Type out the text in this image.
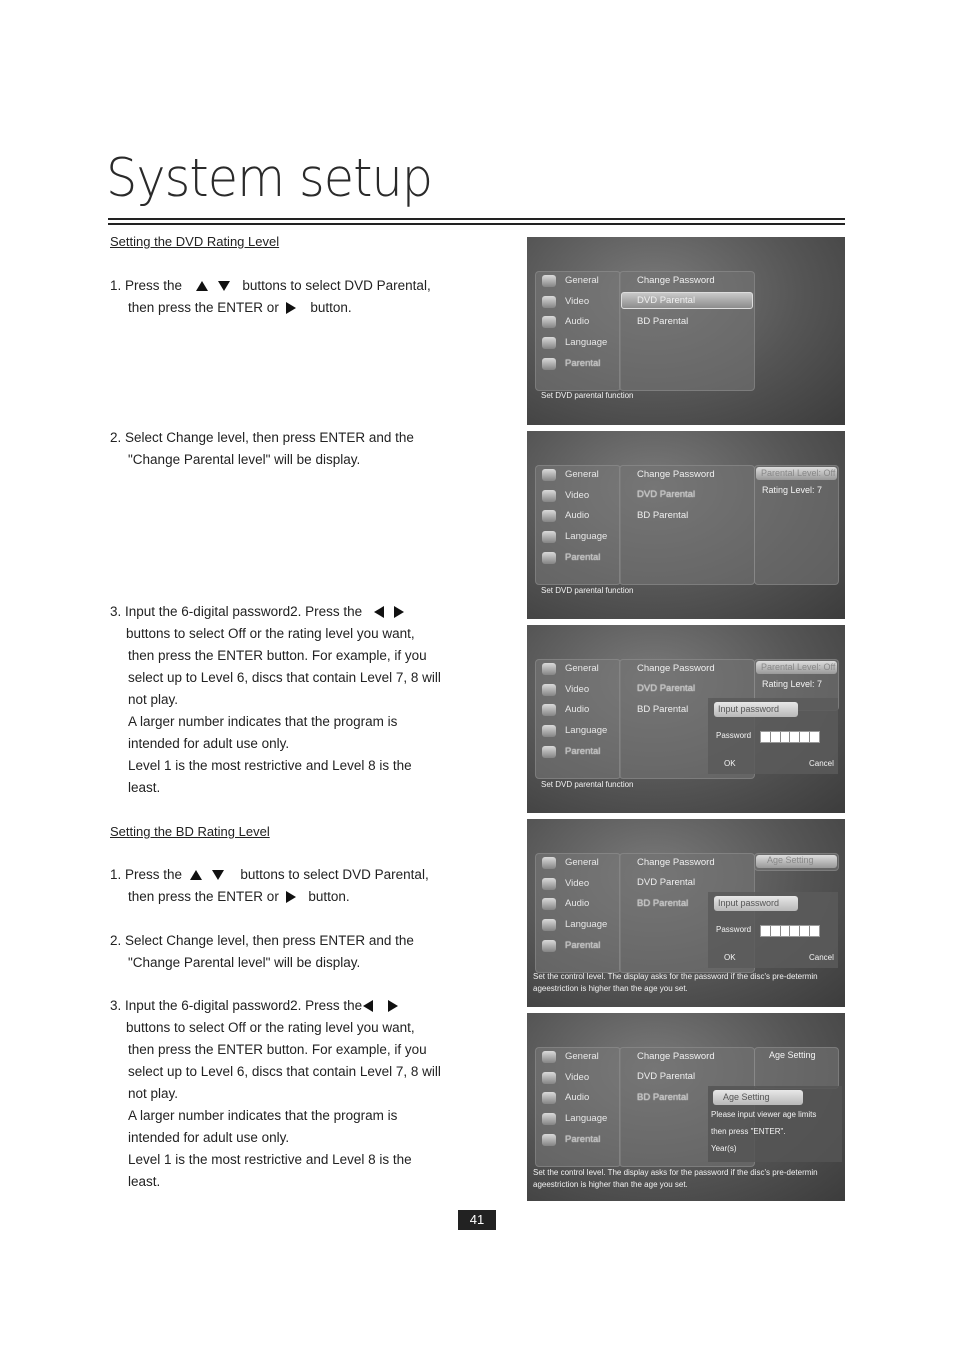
System setup
Setting the DVD Rating Level
1. Press the	buttons to select DVD Parental,
then press the ENTER or button.
2. Select Change level, then press ENTER and the
"Change Parental level" will be display.
3. Input the 6-digital password2. Press the
buttons to select Off or the rating level you want,
then press the ENTER button. For example, if you
select up to Level 6, discs that contain Level 7, 8 will
not play.
A larger number indicates that the program is
intended for adult use only.
Level 1 is the most restrictive and Level 8 is the
least.
Setting the BD Rating Level
1. Press the	buttons to select DVD Parental,
then press the ENTER or button.
2. Select Change level, then press ENTER and the
"Change Parental level" will be display.
3. Input the 6-digital password2. Press the
buttons to select Off or the rating level you want,
then press the ENTER button. For example, if you
select up to Level 6, discs that contain Level 7, 8 will
not play.
A larger number indicates that the program is
intended for adult use only.
Level 1 is the most restrictive and Level 8 is the
least.
General
Video
Audio
Language
Parental
Change Password
DVD Parental
BD Parental
Set DVD parental function
General
Video
Audio
Language
Parental
Change Password
DVD Parental
BD Parental
Parental Level: Off
Rating Level: 7
Set DVD parental function
General
Video
Audio
Language
Parental
Change Password
DVD Parental
BD Parental
Parental Level: Off
Rating Level: 7
Input password
Password
OK	Cancel
Set DVD parental function
General
Video
Audio
Language
Parental
Change Password
DVD Parental
BD Parental
Age Setting
Input password
Password
OK	Cancel
Set the control level. The display asks for the password if the disc's pre-determin
ageestriction is higher than the age you set.
General
Video
Audio
Language
Parental
Change Password
DVD Parental
BD Parental
Age Setting
Age Setting
Please input viewer age limits
then press "ENTER".
Year(s)
Set the control level. The display asks for the password if the disc's pre-determin
ageestriction is higher than the age you set.
41
